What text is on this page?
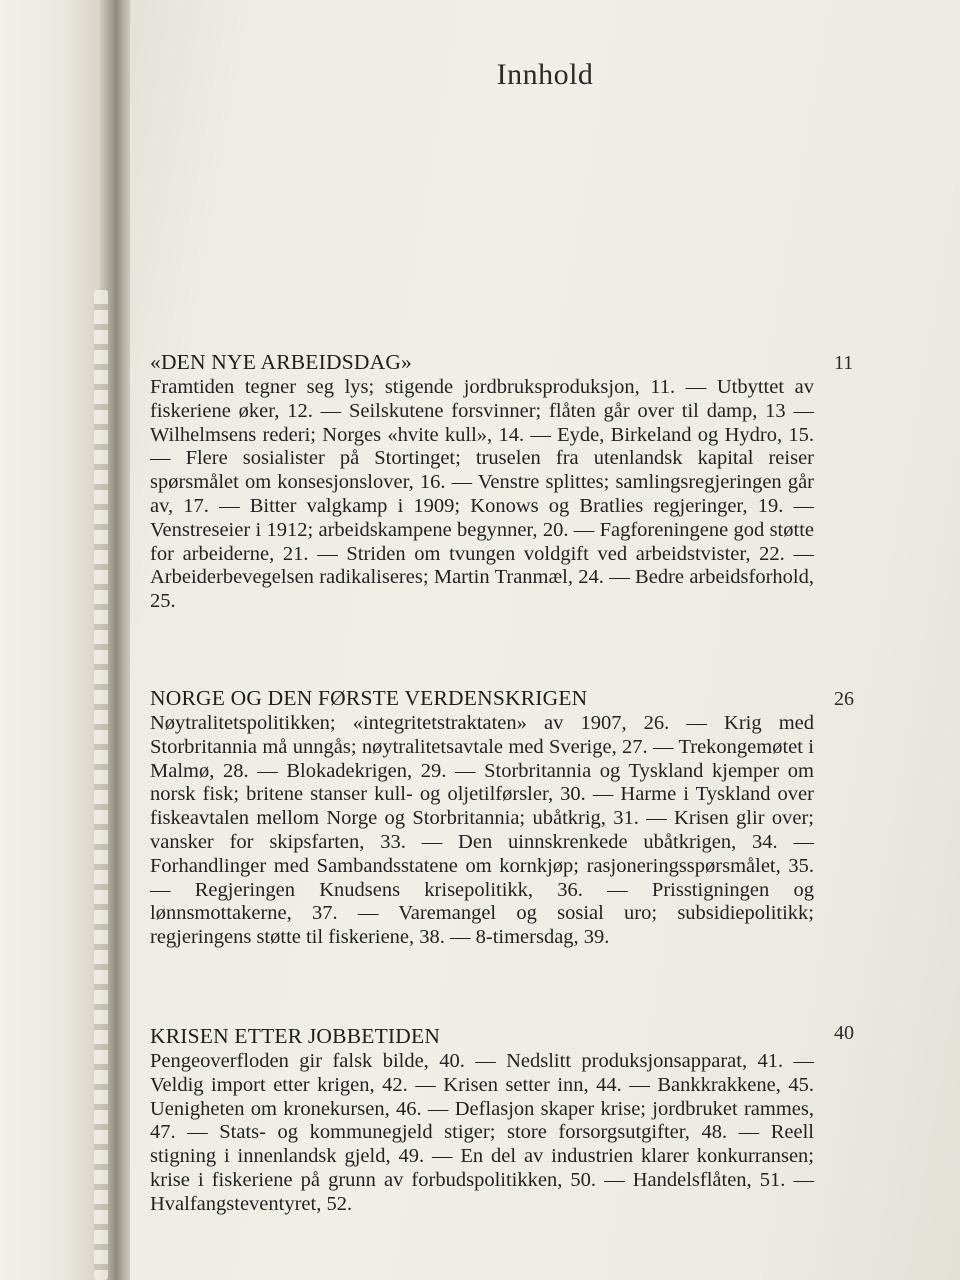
Innhold
11
«DEN NYE ARBEIDSDAG»

Framtiden tegner seg lys; stigende jordbruksproduksjon, 11. — Utbyttet av fiskeriene øker, 12. — Seilskutene forsvinner; flåten går over til damp, 13 — Wilhelmsens rederi; Norges «hvite kull», 14. — Eyde, Birkeland og Hydro, 15. — Flere sosialister på Stortinget; truselen fra utenlandsk kapital reiser spørsmålet om konsesjonslover, 16. — Venstre splittes; samlingsregjeringen går av, 17. — Bitter valgkamp i 1909; Konows og Bratlies regjeringer, 19. — Venstreseier i 1912; arbeidskampene begynner, 20. — Fagforeningene god støtte for arbeiderne, 21. — Striden om tvungen voldgift ved arbeidstvister, 22. — Arbeiderbevegelsen radikaliseres; Martin Tranmæl, 24. — Bedre arbeidsforhold, 25.

26
NORGE OG DEN FØRSTE VERDENSKRIGEN

Nøytralitetspolitikken; «integritetstraktaten» av 1907, 26. — Krig med Storbritannia må unngås; nøytralitetsavtale med Sverige, 27. — Trekongemøtet i Malmø, 28. — Blokadekrigen, 29. — Storbritannia og Tyskland kjemper om norsk fisk; britene stanser kull- og oljetilførsler, 30. — Harme i Tyskland over fiskeavtalen mellom Norge og Storbritannia; ubåtkrig, 31. — Krisen glir over; vansker for skipsfarten, 33. — Den uinnskrenkede ubåtkrigen, 34. — Forhandlinger med Sambandsstatene om kornkjøp; rasjoneringsspørsmålet, 35. — Regjeringen Knudsens krisepolitikk, 36. — Prisstigningen og lønnsmottakerne, 37. — Varemangel og sosial uro; subsidiepolitikk; regjeringens støtte til fiskeriene, 38. — 8-timersdag, 39.

40
KRISEN ETTER JOBBETIDEN

Pengeoverfloden gir falsk bilde, 40. — Nedslitt produksjonsapparat, 41. — Veldig import etter krigen, 42. — Krisen setter inn, 44. — Bankkrakkene, 45. Uenigheten om kronekursen, 46. — Deflasjon skaper krise; jordbruket rammes, 47. — Stats- og kommunegjeld stiger; store forsorgsutgifter, 48. — Reell stigning i innenlandsk gjeld, 49. — En del av industrien klarer konkurransen; krise i fiskeriene på grunn av forbudspolitikken, 50. — Handelsflåten, 51. — Hvalfangsteventyret, 52.
